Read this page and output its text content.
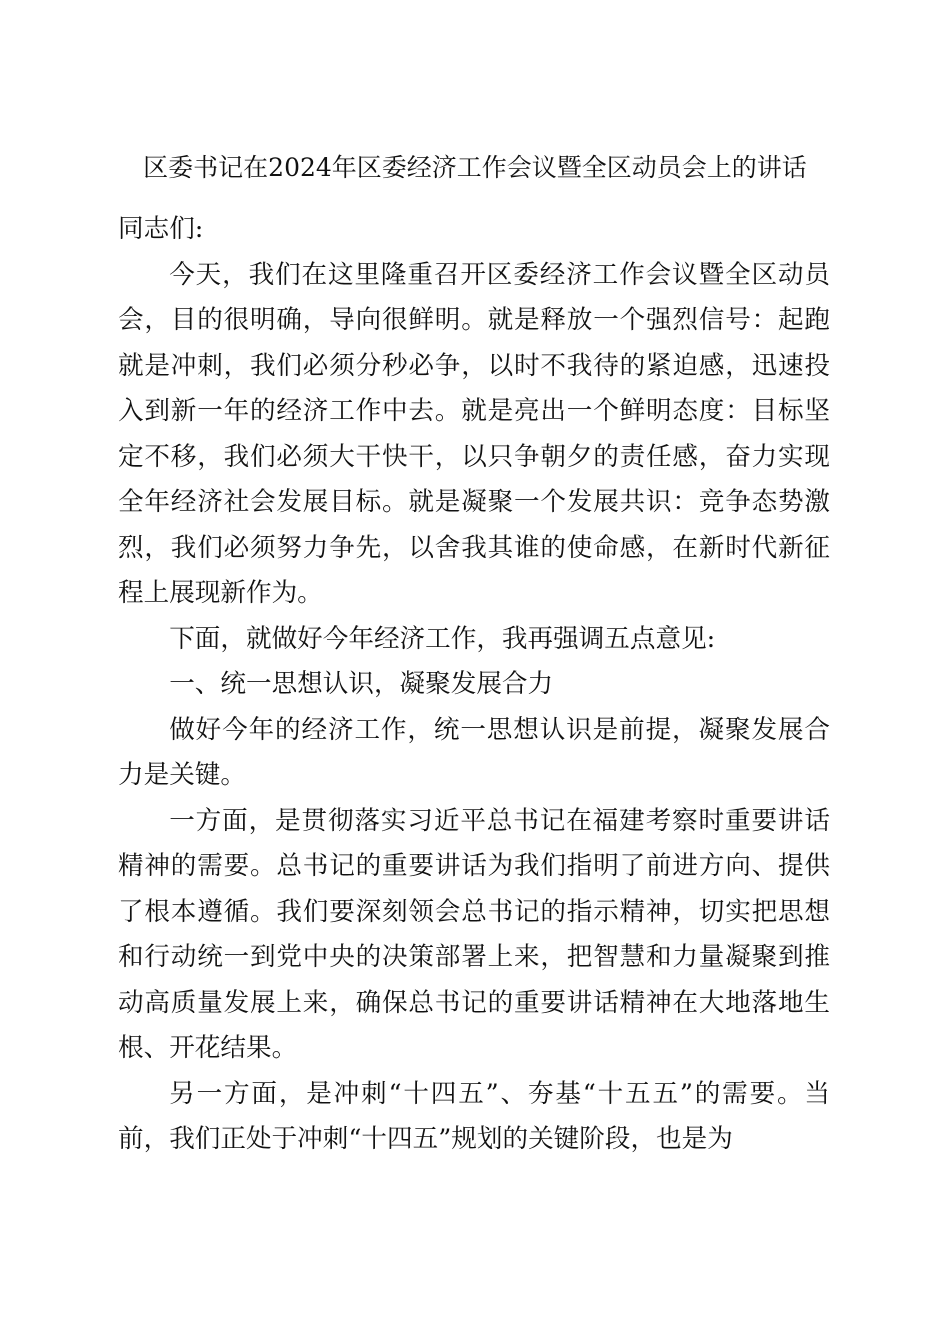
区委书记在2024年区委经济工作会议暨全区动员会上的讲话

同志们:

今天，我们在这里隆重召开区委经济工作会议暨全区动员会，目的很明确，导向很鲜明。就是释放一个强烈信号：起跑就是冲刺，我们必须分秒必争，以时不我待的紧迫感，迅速投入到新一年的经济工作中去。就是亮出一个鲜明态度：目标坚定不移，我们必须大干快干，以只争朝夕的责任感，奋力实现全年经济社会发展目标。就是凝聚一个发展共识：竞争态势激烈，我们必须努力争先，以舍我其谁的使命感，在新时代新征程上展现新作为。

下面，就做好今年经济工作，我再强调五点意见:

一、统一思想认识，凝聚发展合力

做好今年的经济工作，统一思想认识是前提，凝聚发展合力是关键。

一方面，是贯彻落实习近平总书记在福建考察时重要讲话精神的需要。总书记的重要讲话为我们指明了前进方向、提供了根本遵循。我们要深刻领会总书记的指示精神，切实把思想和行动统一到党中央的决策部署上来，把智慧和力量凝聚到推动高质量发展上来，确保总书记的重要讲话精神在大地落地生根、开花结果。

另一方面，是冲刺“十四五”、夯基“十五五”的需要。当前，我们正处于冲刺“十四五”规划的关键阶段，也是为
